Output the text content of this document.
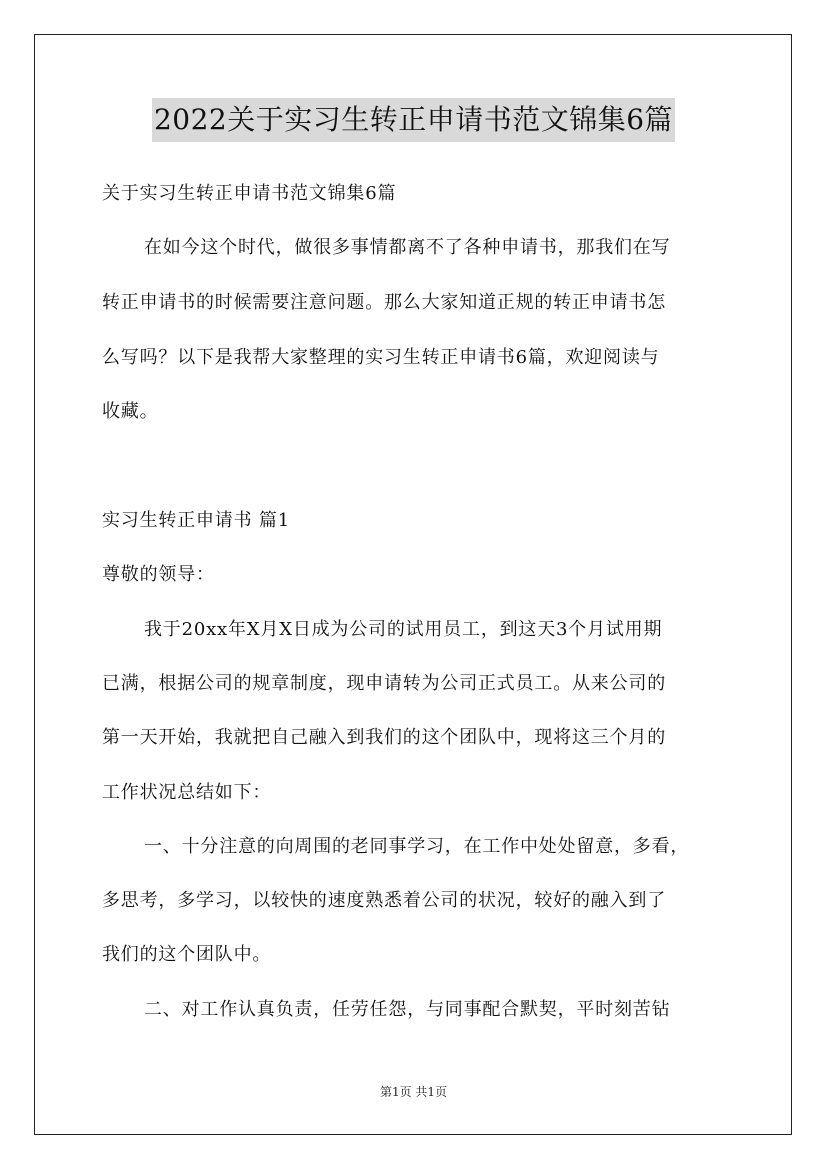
2022关于实习生转正申请书范文锦集6篇
关于实习生转正申请书范文锦集6篇
在如今这个时代，做很多事情都离不了各种申请书，那我们在写
转正申请书的时候需要注意问题。那么大家知道正规的转正申请书怎
么写吗？以下是我帮大家整理的实习生转正申请书6篇，欢迎阅读与
收藏。
实习生转正申请书 篇1
尊敬的领导：
我于20xx年X月X日成为公司的试用员工，到这天3个月试用期
已满，根据公司的规章制度，现申请转为公司正式员工。从来公司的
第一天开始，我就把自己融入到我们的这个团队中，现将这三个月的
工作状况总结如下：
一、十分注意的向周围的老同事学习，在工作中处处留意，多看，
多思考，多学习，以较快的速度熟悉着公司的状况，较好的融入到了
我们的这个团队中。
二、对工作认真负责，任劳任怨，与同事配合默契，平时刻苦钻
第1页 共1页
